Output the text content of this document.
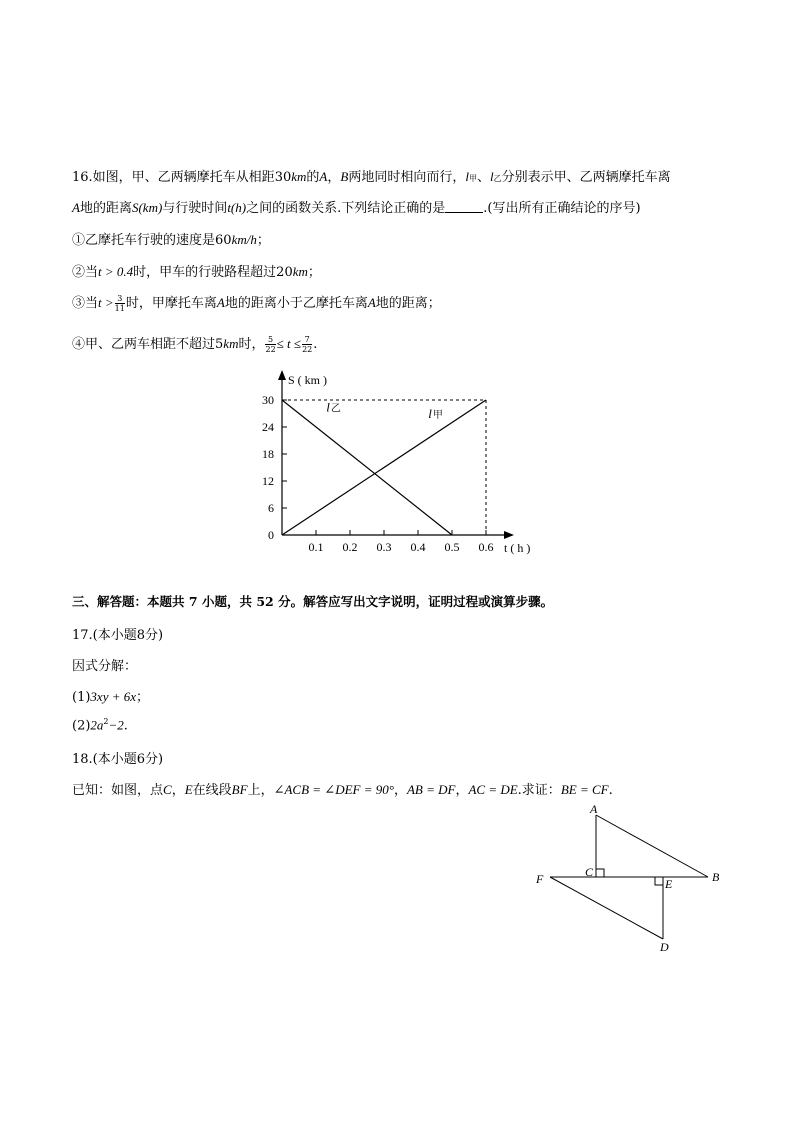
16.如图，甲、乙两辆摩托车从相距30km的A，B两地同时相向而行，l甲、l乙分别表示甲、乙两辆摩托车离
A地的距离S(km)与行驶时间t(h)之间的函数关系.下列结论正确的是	.(写出所有正确结论的序号)
①乙摩托车行驶的速度是60km/h；
②当t > 0.4时，甲车的行驶路程超过20km；
③当$t > \frac{3}{11}$ 时，甲摩托车离A地的距离小于乙摩托车离A地的距离；
④甲、乙两车相距不超过5km时， $\frac{5}{22} \le t \le \frac{7}{22}$ .
S ( km )
t ( h )
0
6
12
18
24
30
0.1 0.2 0.3 0.4 0.5 0.6
l甲
l乙
三、解答题：本题共 7 小题，共 52 分。解答应写出文字说明，证明过程或演算步骤。
17.(本小题8分)
因式分解：
(1)3xy + 6x；
$(2)2a^2-2$.
18.(本小题6分)
已知：如图，点C，E在线段BF上，∠ACB = ∠DEF = 90°，AB = DF，AC = DE.求证：BE = CF.
A
B
C
D
E
F
